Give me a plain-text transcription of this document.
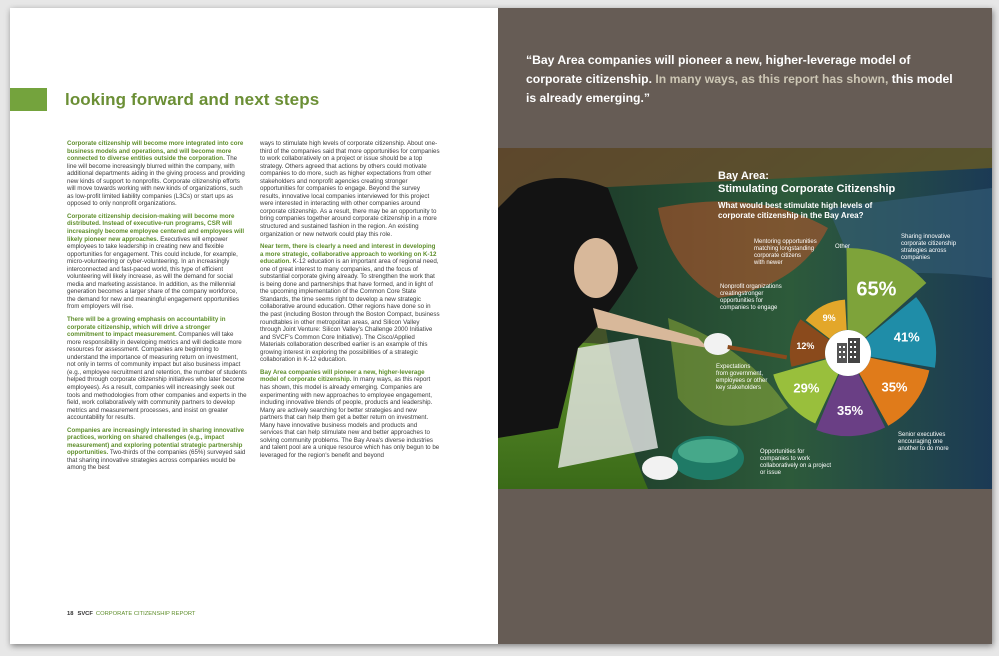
looking forward and next steps

Corporate citizenship will become more integrated into core business models and operations, and will become more connected to diverse entities outside the corporation. The line will become increasingly blurred within the company, with additional departments aiding in the giving process and providing new kinds of support to nonprofits. Corporate citizenship efforts will move towards working with new kinds of organizations, such as low-profit limited liability companies (L3Cs) or start ups as opposed to only nonprofit organizations.

Corporate citizenship decision-making will become more distributed. Instead of executive-run programs, CSR will increasingly become employee centered and employees will likely pioneer new approaches. Executives will empower employees to take leadership in creating new and flexible opportunities for engagement. This could include, for example, micro-volunteering or cyber-volunteering. In an increasingly interconnected and fast-paced world, this type of efficient volunteering will likely increase, as will the demand for social media and marketing assistance. In addition, as the millennial generation becomes a larger share of the company workforce, the demand for new and meaningful engagement opportunities from employers will rise.

There will be a growing emphasis on accountability in corporate citizenship, which will drive a stronger commitment to impact measurement. Companies will take more responsibility in developing metrics and will dedicate more resources for assessment. Companies are beginning to understand the importance of measuring return on investment, not only in terms of community impact but also business impact (e.g., employee recruitment and retention, the number of students helped through corporate citizenship initiatives who later become employees). As a result, companies will increasingly seek out tools and methodologies from other companies and experts in the field, work collaboratively with community partners to develop metrics and measurement processes, and insist on greater accountability for results.

Companies are increasingly interested in sharing innovative practices, working on shared challenges (e.g., impact measurement) and exploring potential strategic partnership opportunities. Two-thirds of the companies (65%) surveyed said that sharing innovative strategies across companies would be among the best

ways to stimulate high levels of corporate citizenship. About one-third of the companies said that more opportunities for companies to work collaboratively on a project or issue should be a top strategy. Others agreed that actions by others could motivate companies to do more, such as higher expectations from other stakeholders and nonprofit agencies creating stronger opportunities for companies to engage. Beyond the survey results, innovative local companies interviewed for this project were interested in interacting with other companies around corporate citizenship. As a result, there may be an opportunity to bring companies together around corporate citizenship in a more structured and sustained fashion in the region. An existing organization or new network could play this role.

Near term, there is clearly a need and interest in developing a more strategic, collaborative approach to working on K-12 education. K-12 education is an important area of regional need, one of great interest to many companies, and the focus of substantial corporate giving already. To strengthen the work that is being done and partnerships that have formed, and in light of the upcoming implementation of the Common Core State Standards, the time seems right to develop a new strategic collaborative around education. Other regions have done so in the past (including Boston through the Boston Compact, business roundtables in other metropolitan areas, and Silicon Valley through Joint Venture: Silicon Valley's Challenge 2000 Initiative and SVCF's Common Core Initiative). The Cisco/Applied Materials collaboration described earlier is an example of this growing interest in exploring the possibilities of a strategic collaboration in K-12 education.

Bay Area companies will pioneer a new, higher-leverage model of corporate citizenship. In many ways, as this report has shown, this model is already emerging. Companies are experimenting with new approaches to employee engagement, including innovative blends of people, products and leadership. Many are actively searching for better strategies and new partners that can help them get a better return on investment. Many have innovative business models and products and services that can help stimulate new and better approaches to solving community problems. The Bay Area's diverse industries and talent pool are a unique resource which has only begun to be leveraged for the region's benefit and beyond

18 SVCF CORPORATE CITIZENSHIP REPORT

“Bay Area companies will pioneer a new, higher-leverage model of corporate citizenship. In many ways, as this report has shown, this model is already emerging.”

Bay Area:
Stimulating Corporate Citizenship
What would best stimulate high levels of
corporate citizenship in the Bay Area?
65%
41%
35%
35%
29%
12%
9%
Sharing innovative corporate citizenship strategies across companies
Senior executives encouraging one another to do more
Opportunities for companies to work collaboratively on a project or issue
Expectations from government, employees or other key stakeholders
Nonprofit organizations creatingstronger opportunities for companies to engage
Mentoring opportunities matching longstanding corporate citizens with newer
Other
